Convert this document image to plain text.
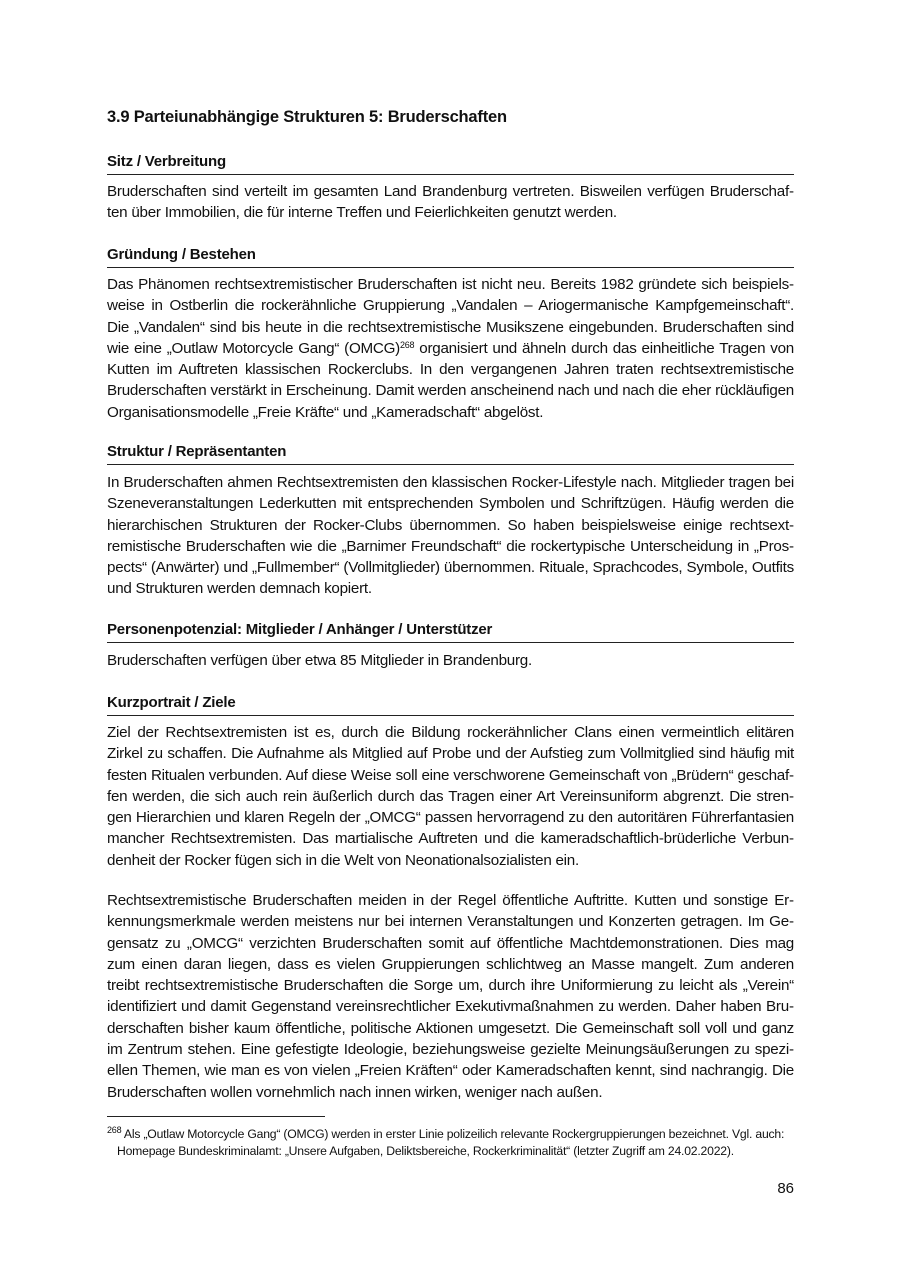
3.9 Parteiunabhängige Strukturen 5: Bruderschaften
Sitz / Verbreitung

Bruderschaften sind verteilt im gesamten Land Brandenburg vertreten. Bisweilen verfügen Bruderschaften über Immobilien, die für interne Treffen und Feierlichkeiten genutzt werden.

Gründung / Bestehen

Das Phänomen rechtsextremistischer Bruderschaften ist nicht neu. Bereits 1982 gründete sich beispielsweise in Ostberlin die rockerähnliche Gruppierung „Vandalen – Ariogermanische Kampfgemeinschaft“. Die „Vandalen“ sind bis heute in die rechtsextremistische Musikszene eingebunden. Bruderschaften sind wie eine „Outlaw Motorcycle Gang“ (OMCG)$^{268}$ organisiert und ähneln durch das einheitliche Tragen von Kutten im Auftreten klassischen Rockerclubs. In den vergangenen Jahren traten rechtsextremistische Bruderschaften verstärkt in Erscheinung. Damit werden anscheinend nach und nach die eher rückläufigen Organisationsmodelle „Freie Kräfte“ und „Kameradschaft“ abgelöst.

Struktur / Repräsentanten

In Bruderschaften ahmen Rechtsextremisten den klassischen Rocker-Lifestyle nach. Mitglieder tragen bei Szeneveranstaltungen Lederkutten mit entsprechenden Symbolen und Schriftzügen. Häufig werden die hierarchischen Strukturen der Rocker-Clubs übernommen. So haben beispielsweise einige rechtsextremistische Bruderschaften wie die „Barnimer Freundschaft“ die rockertypische Unterscheidung in „Prospects“ (Anwärter) und „Fullmember“ (Vollmitglieder) übernommen. Rituale, Sprachcodes, Symbole, Outfits und Strukturen werden demnach kopiert.

Personenpotenzial: Mitglieder / Anhänger / Unterstützer

Bruderschaften verfügen über etwa 85 Mitglieder in Brandenburg.

Kurzportrait / Ziele

Ziel der Rechtsextremisten ist es, durch die Bildung rockerähnlicher Clans einen vermeintlich elitären Zirkel zu schaffen. Die Aufnahme als Mitglied auf Probe und der Aufstieg zum Vollmitglied sind häufig mit festen Ritualen verbunden. Auf diese Weise soll eine verschworene Gemeinschaft von „Brüdern“ geschaffen werden, die sich auch rein äußerlich durch das Tragen einer Art Vereinsuniform abgrenzt. Die strengen Hierarchien und klaren Regeln der „OMCG“ passen hervorragend zu den autoritären Führerfantasien mancher Rechtsextremisten. Das martialische Auftreten und die kameradschaftlich-brüderliche Verbundenheit der Rocker fügen sich in die Welt von Neonationalsozialisten ein.

Rechtsextremistische Bruderschaften meiden in der Regel öffentliche Auftritte. Kutten und sonstige Erkennungsmerkmale werden meistens nur bei internen Veranstaltungen und Konzerten getragen. Im Gegensatz zu „OMCG“ verzichten Bruderschaften somit auf öffentliche Machtdemonstrationen. Dies mag zum einen daran liegen, dass es vielen Gruppierungen schlichtweg an Masse mangelt. Zum anderen treibt rechtsextremistische Bruderschaften die Sorge um, durch ihre Uniformierung zu leicht als „Verein“ identifiziert und damit Gegenstand vereinsrechtlicher Exekutivmaßnahmen zu werden. Daher haben Bruderschaften bisher kaum öffentliche, politische Aktionen umgesetzt. Die Gemeinschaft soll voll und ganz im Zentrum stehen. Eine gefestigte Ideologie, beziehungsweise gezielte Meinungsäußerungen zu speziellen Themen, wie man es von vielen „Freien Kräften“ oder Kameradschaften kennt, sind nachrangig. Die Bruderschaften wollen vornehmlich nach innen wirken, weniger nach außen.

$^{268}$ Als „Outlaw Motorcycle Gang“ (OMCG) werden in erster Linie polizeilich relevante Rockergruppierungen bezeichnet. Vgl. auch: Homepage Bundeskriminalamt: „Unsere Aufgaben, Deliktsbereiche, Rockerkriminalität“ (letzter Zugriff am 24.02.2022).
86
